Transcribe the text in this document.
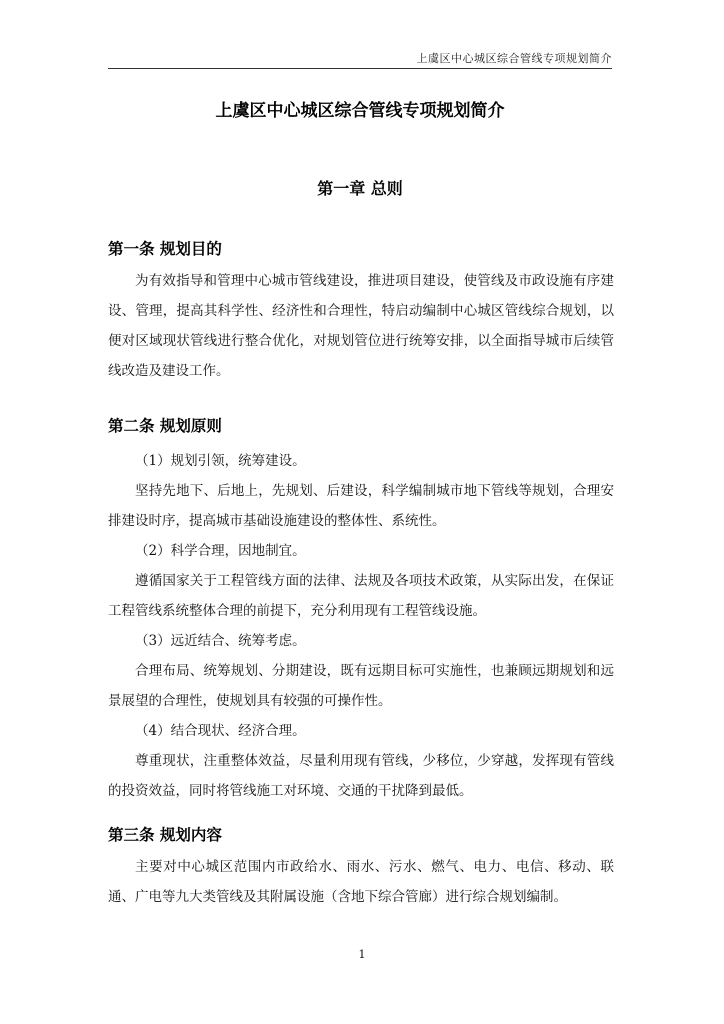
上虞区中心城区综合管线专项规划简介
上虞区中心城区综合管线专项规划简介
第一章 总则
第一条 规划目的

为有效指导和管理中心城市管线建设，推进项目建设，使管线及市政设施有序建设、管理，提高其科学性、经济性和合理性，特启动编制中心城区管线综合规划，以便对区域现状管线进行整合优化，对规划管位进行统筹安排，以全面指导城市后续管线改造及建设工作。

第二条 规划原则

（1）规划引领，统筹建设。

坚持先地下、后地上，先规划、后建设，科学编制城市地下管线等规划，合理安排建设时序，提高城市基础设施建设的整体性、系统性。

（2）科学合理，因地制宜。

遵循国家关于工程管线方面的法律、法规及各项技术政策，从实际出发，在保证工程管线系统整体合理的前提下，充分利用现有工程管线设施。

（3）远近结合、统筹考虑。

合理布局、统筹规划、分期建设，既有远期目标可实施性，也兼顾远期规划和远景展望的合理性，使规划具有较强的可操作性。

（4）结合现状、经济合理。

尊重现状，注重整体效益，尽量利用现有管线，少移位，少穿越，发挥现有管线的投资效益，同时将管线施工对环境、交通的干扰降到最低。

第三条 规划内容

主要对中心城区范围内市政给水、雨水、污水、燃气、电力、电信、移动、联通、广电等九大类管线及其附属设施（含地下综合管廊）进行综合规划编制。

1
